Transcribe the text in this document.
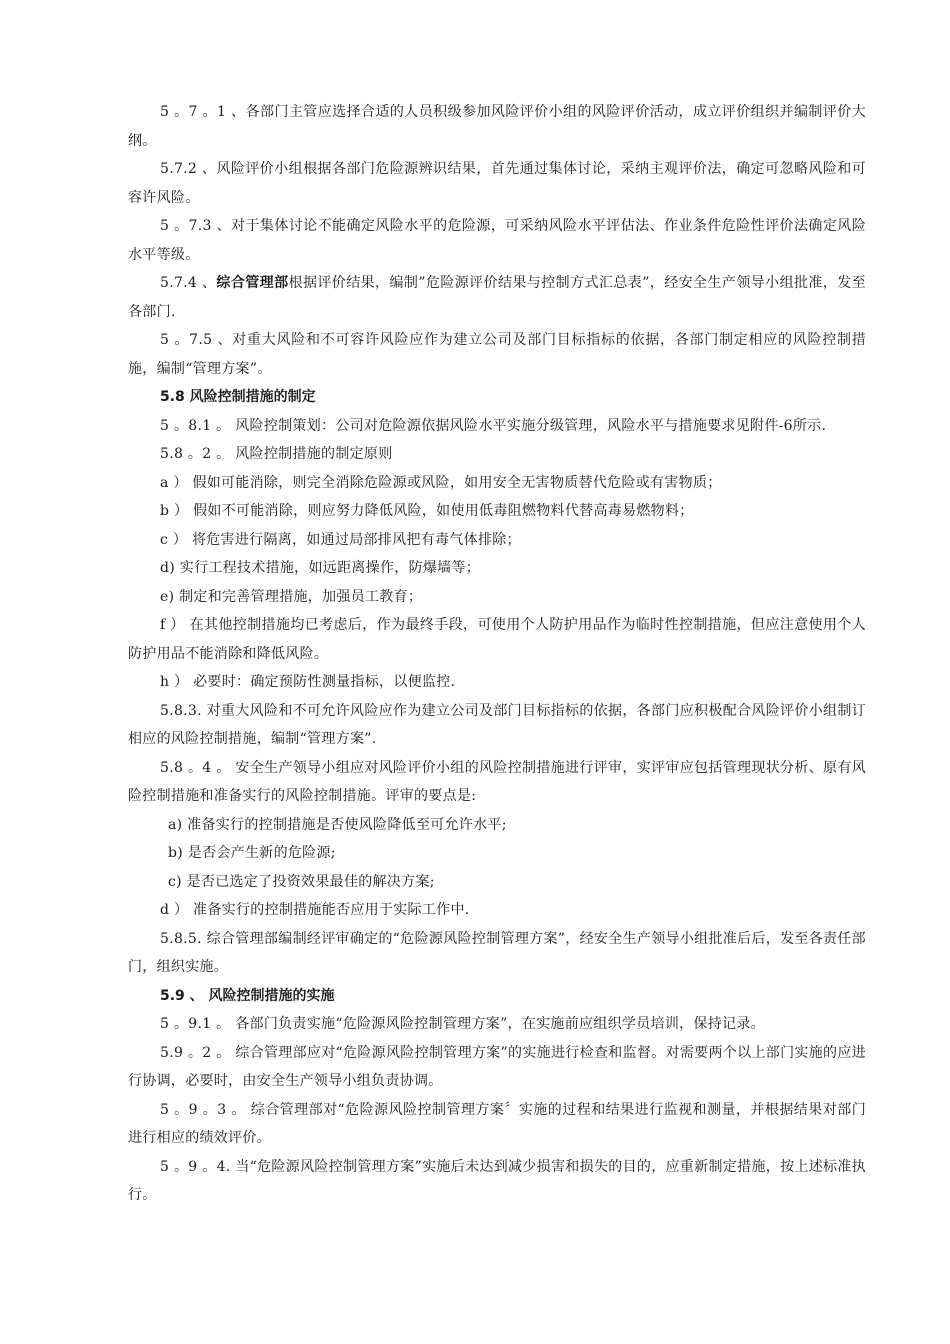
5 。7 。1 、各部门主管应选择合适的人员积级参加风险评价小组的风险评价活动，成立评价组织并编制评价大纲。

5.7.2 、风险评价小组根据各部门危险源辨识结果，首先通过集体讨论，采纳主观评价法，确定可忽略风险和可容许风险。

5 。7.3 、对于集体讨论不能确定风险水平的危险源，可采纳风险水平评估法、作业条件危险性评价法确定风险水平等级。

5.7.4 、综合管理部根据评价结果，编制”危险源评价结果与控制方式汇总表”，经安全生产领导小组批准，发至各部门.

5 。7.5 、对重大风险和不可容许风险应作为建立公司及部门目标指标的依据，各部门制定相应的风险控制措施，编制“管理方案”。

5.8 风险控制措施的制定

5 。8.1 。 风险控制策划：公司对危险源依据风险水平实施分级管理，风险水平与措施要求见附件-6所示.

5.8 。2 。 风险控制措施的制定原则

a ） 假如可能消除，则完全消除危险源或风险，如用安全无害物质替代危险或有害物质；

b ） 假如不可能消除，则应努力降低风险，如使用低毒阻燃物料代替高毒易燃物料；

c ） 将危害进行隔离，如通过局部排风把有毒气体排除；

d) 实行工程技术措施，如远距离操作，防爆墙等；

e) 制定和完善管理措施，加强员工教育；

f ） 在其他控制措施均已考虑后，作为最终手段，可使用个人防护用品作为临时性控制措施，但应注意使用个人防护用品不能消除和降低风险。

h ） 必要时：确定预防性测量指标，以便监控.

5.8.3. 对重大风险和不可允许风险应作为建立公司及部门目标指标的依据，各部门应积极配合风险评价小组制订相应的风险控制措施，编制“管理方案”.

5.8 。4 。 安全生产领导小组应对风险评价小组的风险控制措施进行评审，实评审应包括管理现状分析、原有风险控制措施和准备实行的风险控制措施。评审的要点是:

a) 准备实行的控制措施是否使风险降低至可允许水平;

b) 是否会产生新的危险源;

c) 是否已选定了投资效果最佳的解决方案;

d ） 准备实行的控制措施能否应用于实际工作中.

5.8.5. 综合管理部编制经评审确定的“危险源风险控制管理方案”，经安全生产领导小组批准后后，发至各责任部门，组织实施。

5.9 、 风险控制措施的实施

5 。9.1 。 各部门负责实施“危险源风险控制管理方案”，在实施前应组织学员培训，保持记录。

5.9 。2 。 综合管理部应对“危险源风险控制管理方案”的实施进行检查和监督。对需要两个以上部门实施的应进行协调，必要时，由安全生产领导小组负责协调。

5 。9 。3 。 综合管理部对“危险源风险控制管理方案〞实施的过程和结果进行监视和测量，并根据结果对部门进行相应的绩效评价。

5 。9 。4. 当“危险源风险控制管理方案”实施后未达到减少损害和损失的目的，应重新制定措施，按上述标准执行。
